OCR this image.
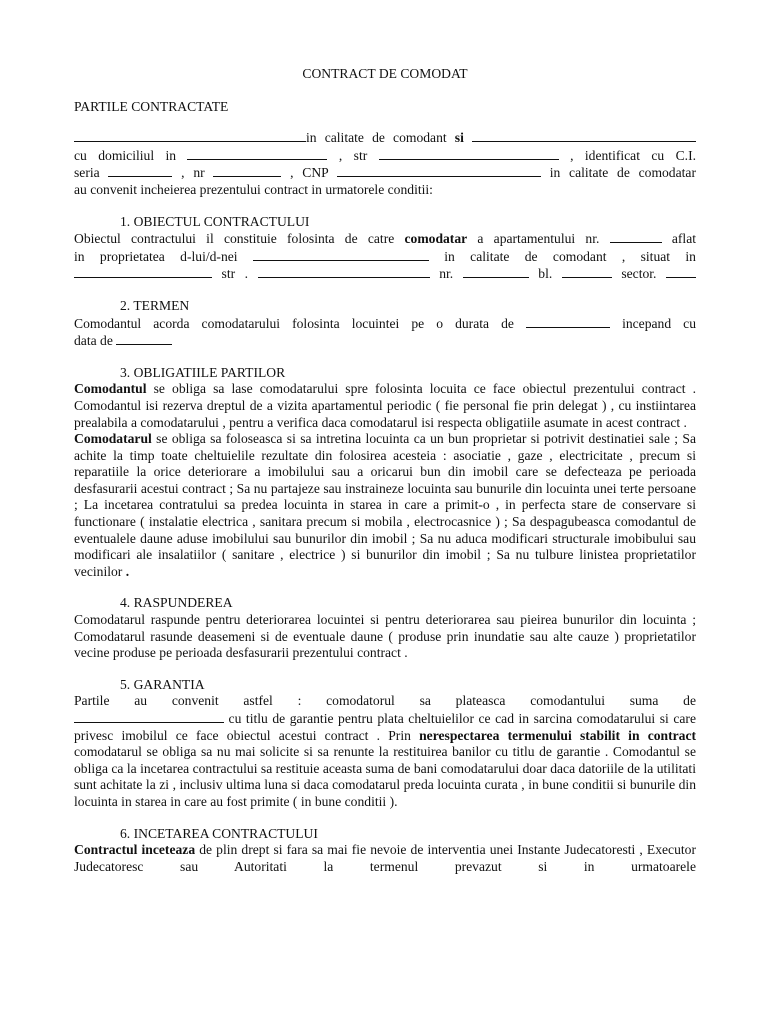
CONTRACT DE COMODAT
PARTILE CONTRACTATE

in calitate de comodant si

cu domiciliul in	, str	, identificat cu C.I.

seria	, nr	, CNP	in calitate de comodatar

au convenit incheierea prezentului contract in urmatorele conditii:

1. OBIECTUL CONTRACTULUI

Obiectul contractului il constituie folosinta de catre comodatar a apartamentului nr.	aflat

in proprietatea d-lui/d-nei	in calitate de comodant , situat in

str .	nr.	bl.	sector.

2. TERMEN

Comodantul acorda comodatarului folosinta locuintei pe o durata de	incepand cu

data de

3. OBLIGATIILE PARTILOR

Comodantul se obliga sa lase comodatarului spre folosinta locuita ce face obiectul prezentului contract . Comodantul isi rezerva dreptul de a vizita apartamentul periodic ( fie personal fie prin delegat ) , cu instiintarea prealabila a comodatarului , pentru a verifica daca comodatarul isi respecta obligatiile asumate in acest contract .

Comodatarul se obliga sa foloseasca si sa intretina locuinta ca un bun proprietar si potrivit destinatiei sale ; Sa achite la timp toate cheltuielile rezultate din folosirea acesteia : asociatie , gaze , electricitate , precum si reparatiile la orice deteriorare a imobilului sau a oricarui bun din imobil care se defecteaza pe perioada desfasurarii acestui contract ; Sa nu partajeze sau instraineze locuinta sau bunurile din locuinta unei terte persoane ; La incetarea contratului sa predea locuinta in starea in care a primit-o , in perfecta stare de conservare si functionare ( instalatie electrica , sanitara precum si mobila , electrocasnice ) ; Sa despagubeasca comodantul de eventualele daune aduse imobilului sau bunurilor din imobil ; Sa nu aduca modificari structurale imobibului sau modificari ale insalatiilor ( sanitare , electrice ) si bunurilor din imobil ; Sa nu tulbure linistea proprietatilor vecinilor .

4. RASPUNDEREA

Comodatarul raspunde pentru deteriorarea locuintei si pentru deteriorarea sau pieirea bunurilor din locuinta ; Comodatarul rasunde deasemeni si de eventuale daune ( produse prin inundatie sau alte cauze ) proprietatilor vecine produse pe perioada desfasurarii prezentului contract .

5. GARANTIA

Partile au convenit astfel : comodatorul sa plateasca comodantului suma de

cu titlu de garantie pentru plata cheltuielilor ce cad in sarcina comodatarului si care privesc imobilul ce face obiectul acestui contract . Prin nerespectarea termenului stabilit in contract comodatarul se obliga sa nu mai solicite si sa renunte la restituirea banilor cu titlu de garantie . Comodantul se obliga ca la incetarea contractului sa restituie aceasta suma de bani comodatarului doar daca datoriile de la utilitati sunt achitate la zi , inclusiv ultima luna si daca comodatarul preda locuinta curata , in bune conditii si bunurile din locuinta in starea in care au fost primite ( in bune conditii ).

6. INCETAREA CONTRACTULUI

Contractul inceteaza de plin drept si fara sa mai fie nevoie de interventia unei Instante Judecatoresti , Executor Judecatoresc sau Autoritati la termenul prevazut si in urmatoarele
